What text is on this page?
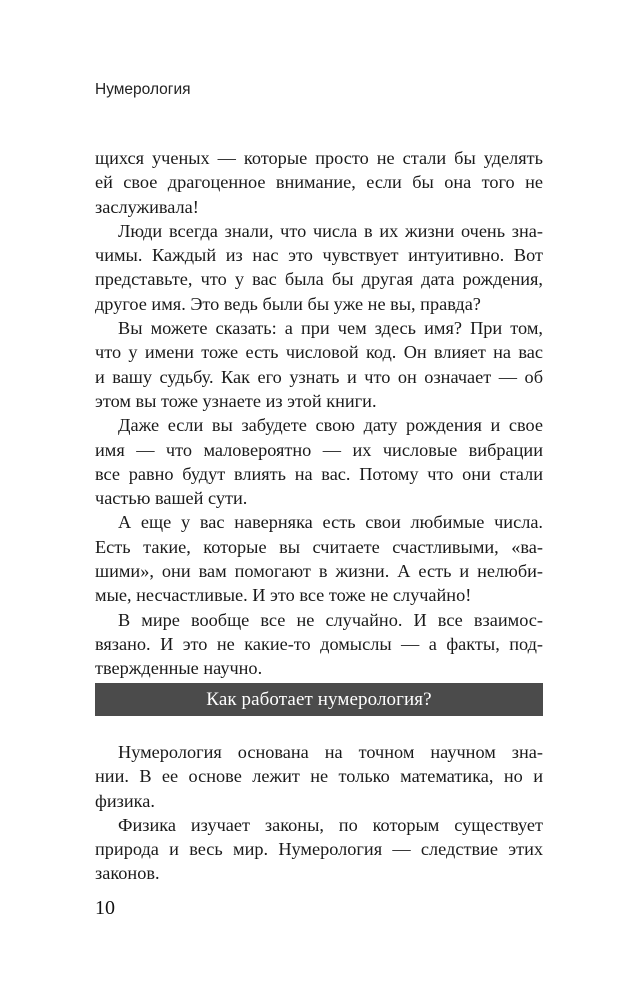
Нумерология
щихся ученых — которые просто не стали бы уделять
ей свое драгоценное внимание, если бы она того не
заслуживала!
Люди всегда знали, что числа в их жизни очень зна-
чимы. Каждый из нас это чувствует интуитивно. Вот
представьте, что у вас была бы другая дата рождения,
другое имя. Это ведь были бы уже не вы, правда?
Вы можете сказать: а при чем здесь имя? При том,
что у имени тоже есть числовой код. Он влияет на вас
и вашу судьбу. Как его узнать и что он означает — об
этом вы тоже узнаете из этой книги.
Даже если вы забудете свою дату рождения и свое
имя — что маловероятно — их числовые вибрации
все равно будут влиять на вас. Потому что они стали
частью вашей сути.
А еще у вас наверняка есть свои любимые числа.
Есть такие, которые вы считаете счастливыми, «ва-
шими», они вам помогают в жизни. А есть и нелюби-
мые, несчастливые. И это все тоже не случайно!
В мире вообще все не случайно. И все взаимос-
вязано. И это не какие-то домыслы — а факты, под-
твержденные научно.
Как работает нумерология?
Нумерология основана на точном научном зна-
нии. В ее основе лежит не только математика, но и
физика.
Физика изучает законы, по которым существует
природа и весь мир. Нумерология — следствие этих
законов.
10
